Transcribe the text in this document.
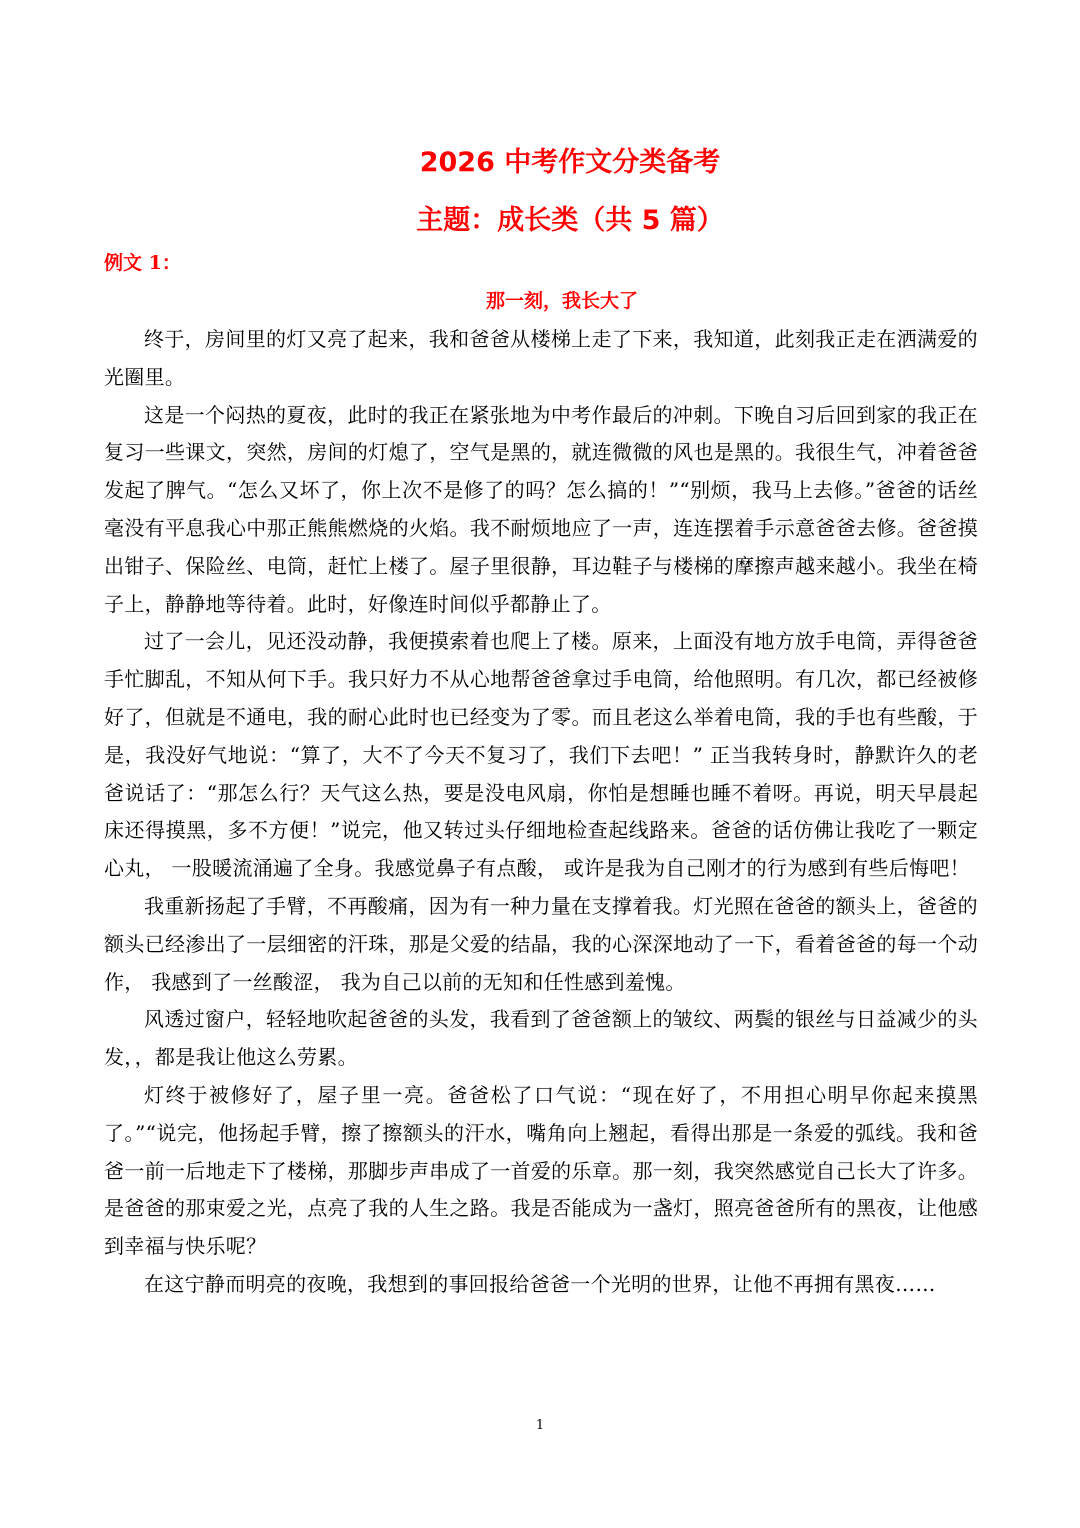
2026 中考作文分类备考
主题：成长类（共 5 篇）
例文 1：
那一刻，我长大了

终于，房间里的灯又亮了起来，我和爸爸从楼梯上走了下来，我知道，此刻我正走在洒满爱的光圈里。

这是一个闷热的夏夜，此时的我正在紧张地为中考作最后的冲刺。下晚自习后回到家的我正在复习一些课文，突然，房间的灯熄了，空气是黑的，就连微微的风也是黑的。我很生气，冲着爸爸发起了脾气。“怎么又坏了，你上次不是修了的吗？怎么搞的！”“别烦，我马上去修。”爸爸的话丝毫没有平息我心中那正熊熊燃烧的火焰。我不耐烦地应了一声，连连摆着手示意爸爸去修。爸爸摸出钳子、保险丝、电筒，赶忙上楼了。屋子里很静，耳边鞋子与楼梯的摩擦声越来越小。我坐在椅子上，静静地等待着。此时，好像连时间似乎都静止了。

过了一会儿，见还没动静，我便摸索着也爬上了楼。原来，上面没有地方放手电筒，弄得爸爸手忙脚乱，不知从何下手。我只好力不从心地帮爸爸拿过手电筒，给他照明。有几次，都已经被修好了，但就是不通电，我的耐心此时也已经变为了零。而且老这么举着电筒，我的手也有些酸，于是，我没好气地说：“算了，大不了今天不复习了，我们下去吧！” 正当我转身时，静默许久的老爸说话了：“那怎么行？天气这么热，要是没电风扇，你怕是想睡也睡不着呀。再说，明天早晨起床还得摸黑，多不方便！”说完，他又转过头仔细地检查起线路来。爸爸的话仿佛让我吃了一颗定心丸， 一股暖流涌遍了全身。我感觉鼻子有点酸， 或许是我为自己刚才的行为感到有些后悔吧！

我重新扬起了手臂，不再酸痛，因为有一种力量在支撑着我。灯光照在爸爸的额头上，爸爸的额头已经渗出了一层细密的汗珠，那是父爱的结晶，我的心深深地动了一下，看着爸爸的每一个动作， 我感到了一丝酸涩， 我为自己以前的无知和任性感到羞愧。

风透过窗户，轻轻地吹起爸爸的头发，我看到了爸爸额上的皱纹、两鬓的银丝与日益减少的头发，，都是我让他这么劳累。

灯终于被修好了，屋子里一亮。爸爸松了口气说：“现在好了，不用担心明早你起来摸黑了。”“说完，他扬起手臂，擦了擦额头的汗水，嘴角向上翘起，看得出那是一条爱的弧线。我和爸爸一前一后地走下了楼梯，那脚步声串成了一首爱的乐章。那一刻，我突然感觉自己长大了许多。是爸爸的那束爱之光，点亮了我的人生之路。我是否能成为一盏灯，照亮爸爸所有的黑夜，让他感到幸福与快乐呢？

在这宁静而明亮的夜晚，我想到的事回报给爸爸一个光明的世界，让他不再拥有黑夜……

1
